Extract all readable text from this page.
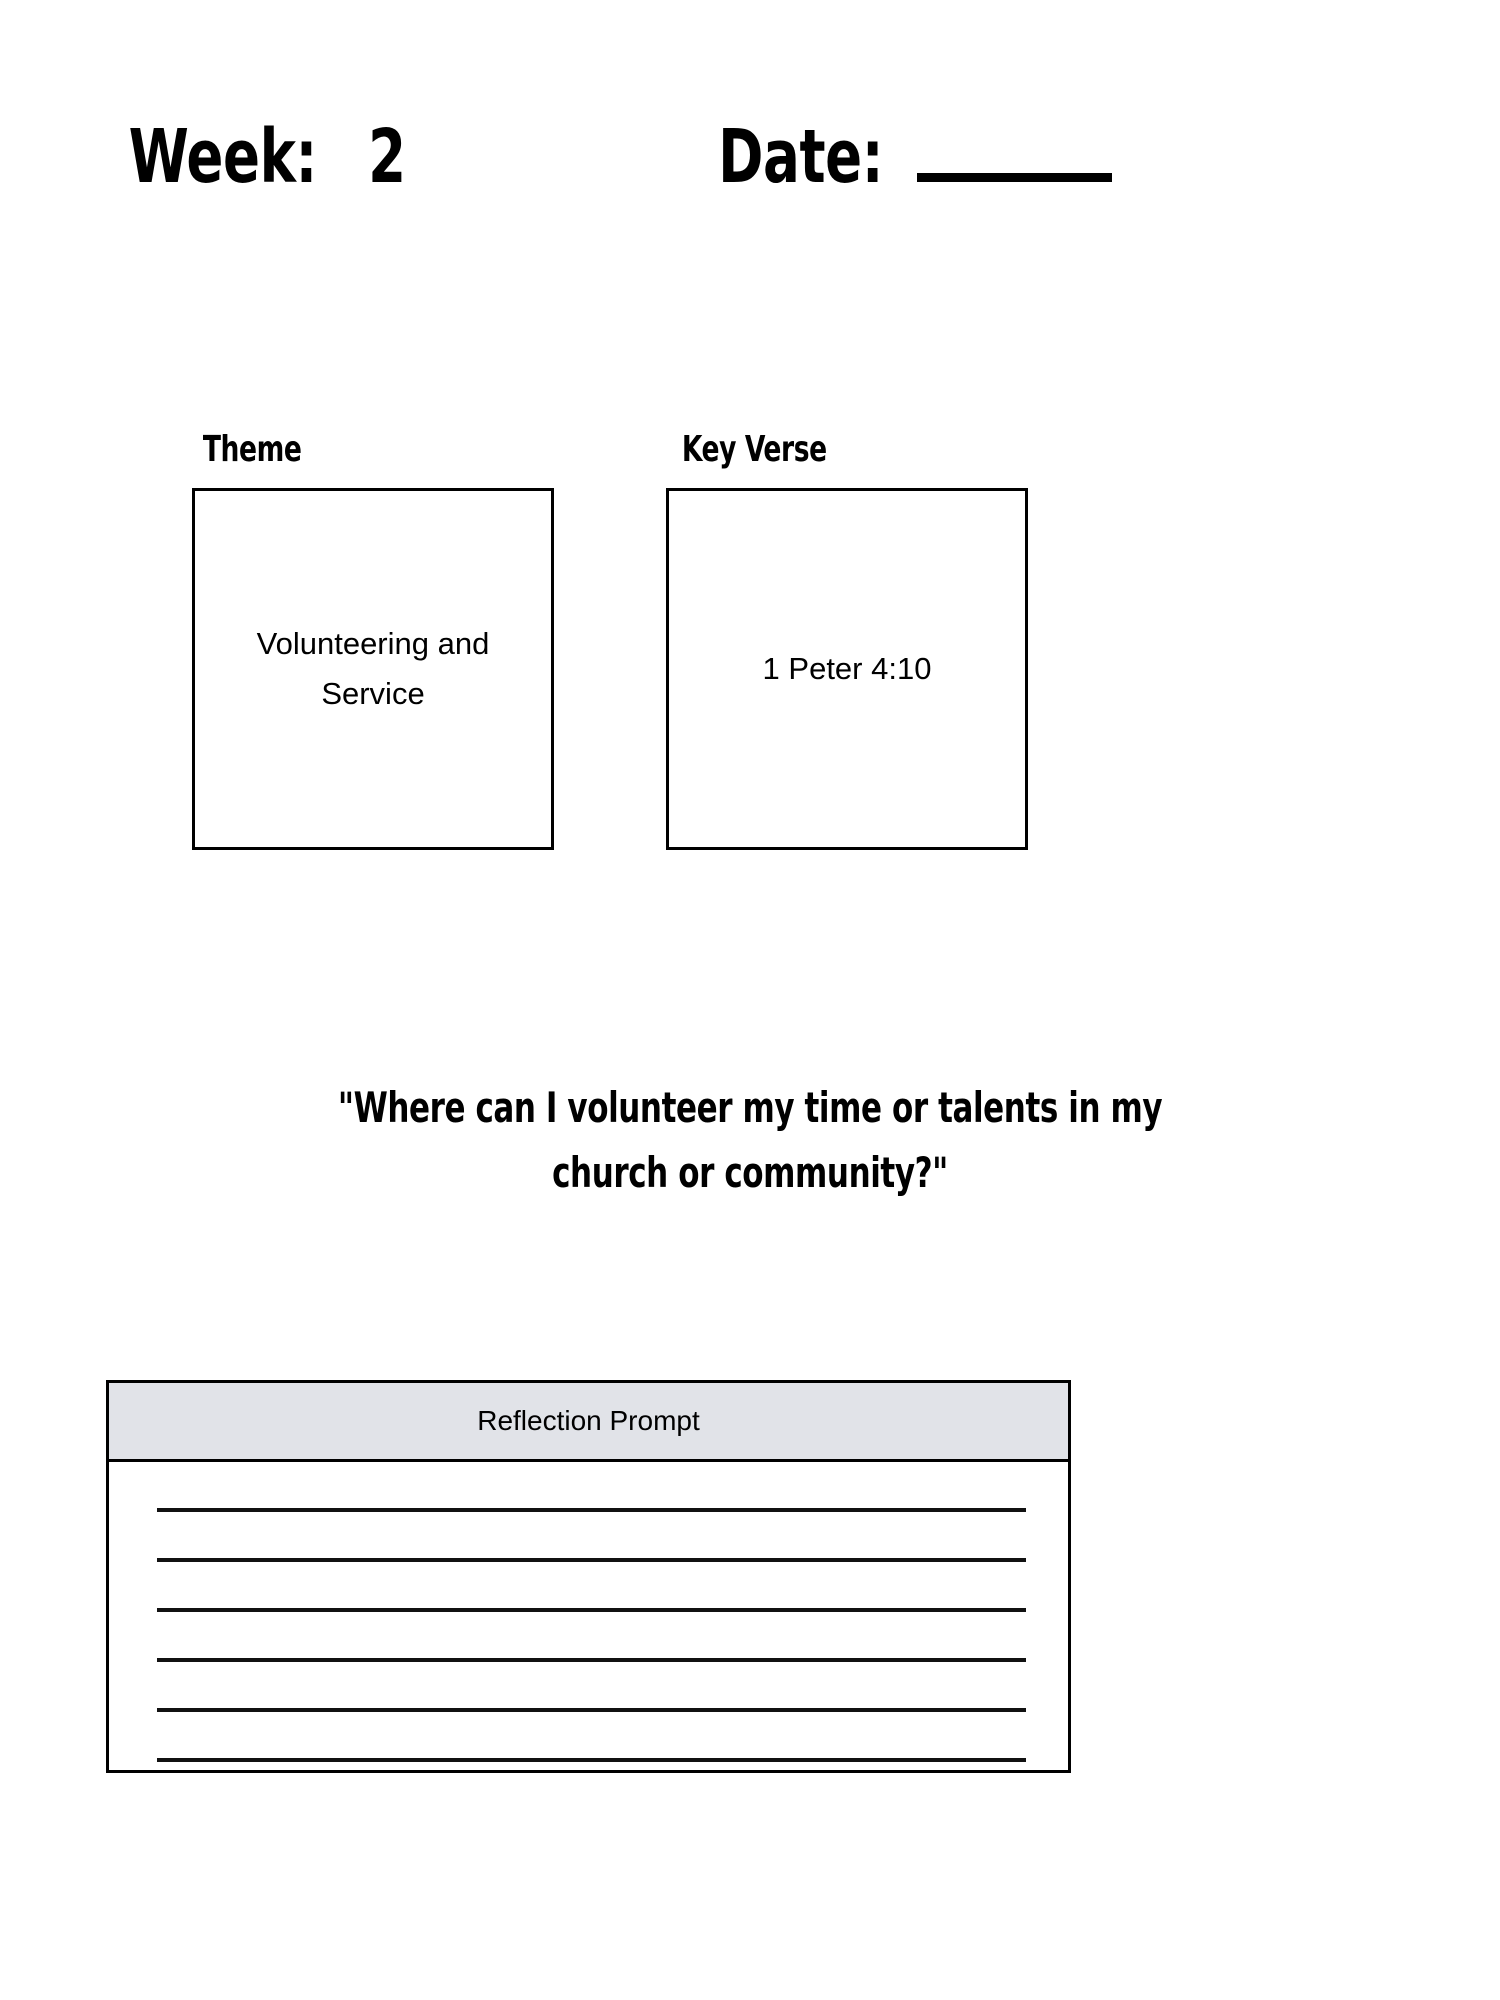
Week: 2	Date:
Theme
Volunteering and Service
Key Verse
1 Peter 4:10
"Where can I volunteer my time or talents in my
church or community?"
Reflection Prompt
